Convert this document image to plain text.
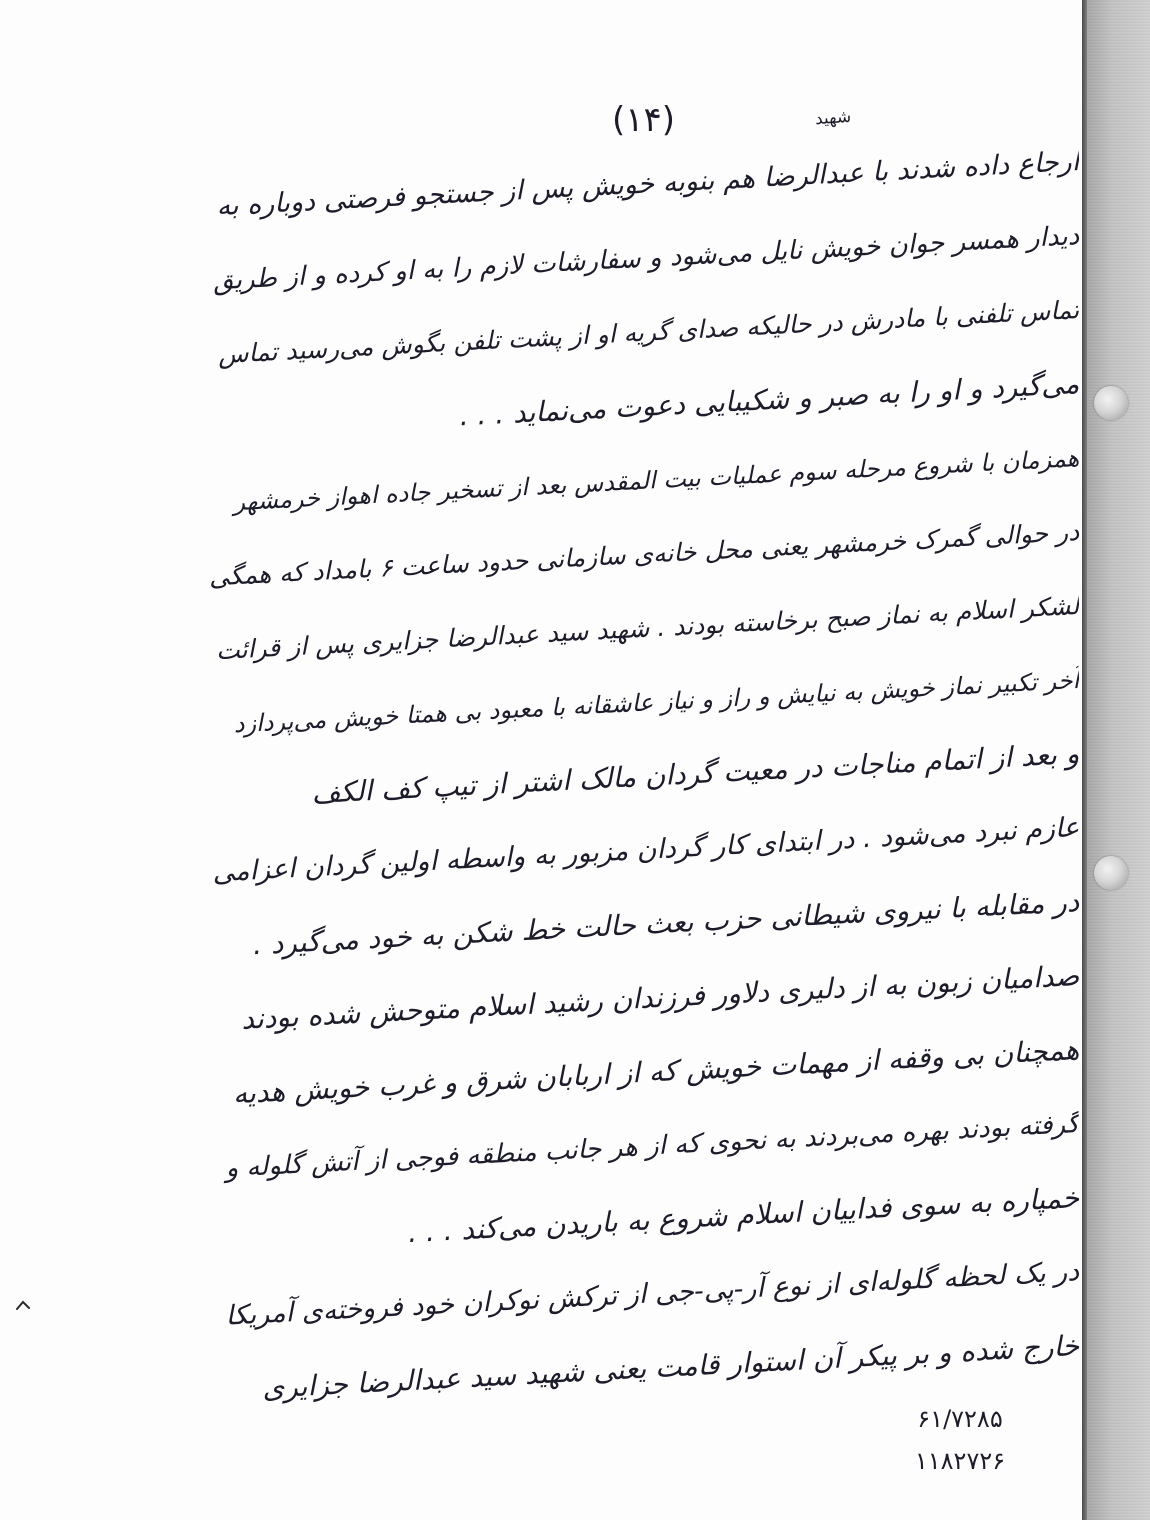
(۱۴)	شهید
ارجاع داده شدند با عبدالرضا هم بنوبه خویش پس از جستجو فرصتی دوباره به
دیدار همسر جوان خویش نایل می‌شود و سفارشات لازم را به او کرده و از طریق
تماس تلفنی با مادرش در حالیکه صدای گریه او از پشت تلفن بگوش می‌رسید تماس
می‌گیرد و او را به صبر و شکیبایی دعوت می‌نماید . . .
همزمان با شروع مرحله سوم عملیات بیت المقدس بعد از تسخیر جاده اهواز خرمشهر
در حوالی گمرک خرمشهر یعنی محل خانه‌ی سازمانی حدود ساعت ۶ بامداد که همگی
لشکر اسلام به نماز صبح برخاسته بودند . شهید سید عبدالرضا جزایری پس از قرائت
آخر تکبیر نماز خویش به نیایش و راز و نیاز عاشقانه با معبود بی همتا خویش می‌پردازد
و بعد از اتمام مناجات در معیت گردان مالک اشتر از تیپ کف الکف
عازم نبرد می‌شود . در ابتدای کار گردان مزبور به واسطه اولین گردان اعزامی
در مقابله با نیروی شیطانی حزب بعث حالت خط شکن به خود می‌گیرد .
صدامیان زبون به از دلیری دلاور فرزندان رشید اسلام متوحش شده بودند
همچنان بی وقفه از مهمات خویش که از اربابان شرق و غرب خویش هدیه
گرفته بودند بهره می‌بردند به نحوی که از هر جانب منطقه فوجی از آتش گلوله و
خمپاره به سوی فداییان اسلام شروع به باریدن می‌کند . . .
در یک لحظه گلوله‌ای از نوع آر-پی-جی از ترکش نوکران خود فروخته‌ی آمریکا
خارج شده و بر پیکر آن استوار قامت یعنی شهید سید عبدالرضا جزایری
۶۱/۷۲۸۵
۱۱۸۲۷۲۶
